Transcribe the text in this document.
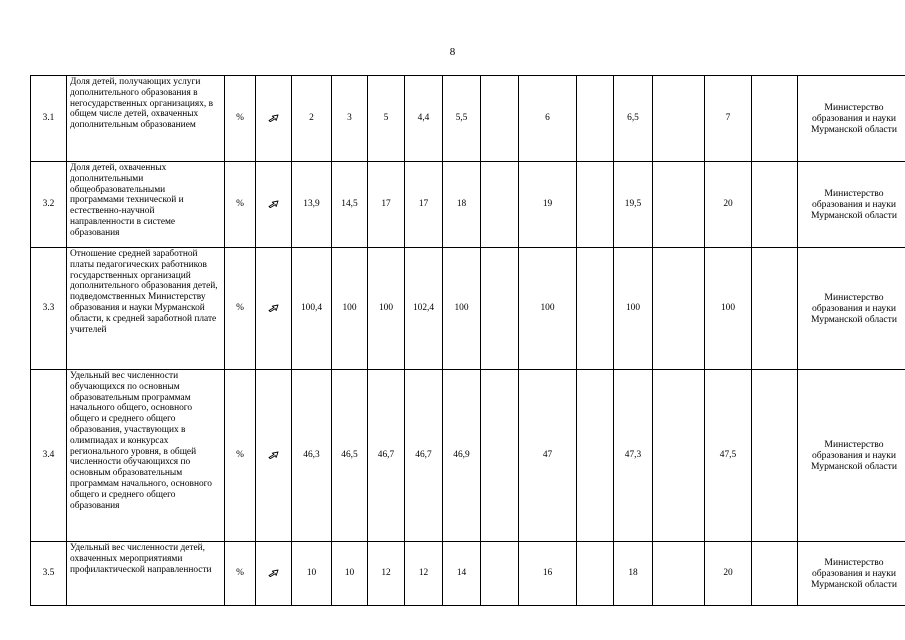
8
3.1	Доля детей, получающих услуги дополнительного образования в негосударственных организациях, в общем числе детей, охваченных дополнительным образованием	%		2	3	5	4,4	5,5		6		6,5		7		Министерство образования и науки Мурманской области
3.2	Доля детей, охваченных дополнительными общеобразовательными программами технической и естественно-научной направленности в системе образования	%		13,9	14,5	17	17	18		19		19,5		20		Министерство образования и науки Мурманской области
3.3	Отношение средней заработной платы педагогических работников государственных организаций дополнительного образования детей, подведомственных Министерству образования и науки Мурманской области, к средней заработной плате учителей	%		100,4	100	100	102,4	100		100		100		100		Министерство образования и науки Мурманской области
3.4	Удельный вес численности обучающихся по основным образовательным программам начального общего, основного общего и среднего общего образования, участвующих в олимпиадах и конкурсах регионального уровня, в общей численности обучающихся по основным образовательным программам начального, основного общего и среднего общего образования	%		46,3	46,5	46,7	46,7	46,9		47		47,3		47,5		Министерство образования и науки Мурманской области
3.5	Удельный вес численности детей, охваченных мероприятиями профилактической направленности	%		10	10	12	12	14		16		18		20		Министерство образования и науки Мурманской области
